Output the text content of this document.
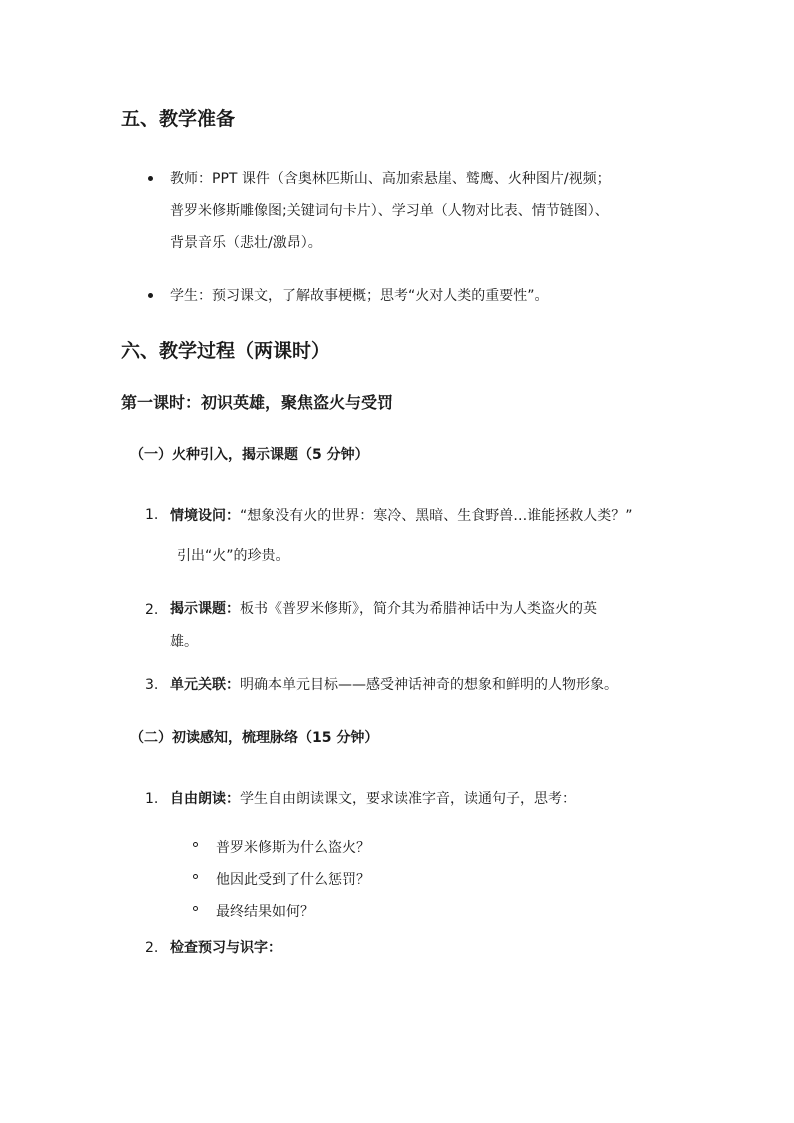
五、教学准备
教师：PPT 课件（含奥林匹斯山、高加索悬崖、鹫鹰、火种图片/视频；
普罗米修斯雕像图;关键词句卡片）、学习单（人物对比表、情节链图）、
背景音乐（悲壮/激昂）。
学生：预习课文，了解故事梗概；思考“火对人类的重要性”。
六、教学过程（两课时）
第一课时：初识英雄，聚焦盗火与受罚
（一）火种引入，揭示课题（5 分钟）
1. 情境设问：“想象没有火的世界：寒冷、黑暗、生食野兽…谁能拯救人类？”
引出“火”的珍贵。
2. 揭示课题：板书《普罗米修斯》，简介其为希腊神话中为人类盗火的英
雄。
3. 单元关联：明确本单元目标——感受神话神奇的想象和鲜明的人物形象。
（二）初读感知，梳理脉络（15 分钟）
1. 自由朗读：学生自由朗读课文，要求读准字音，读通句子，思考：
普罗米修斯为什么盗火？
他因此受到了什么惩罚？
最终结果如何？
2. 检查预习与识字：
